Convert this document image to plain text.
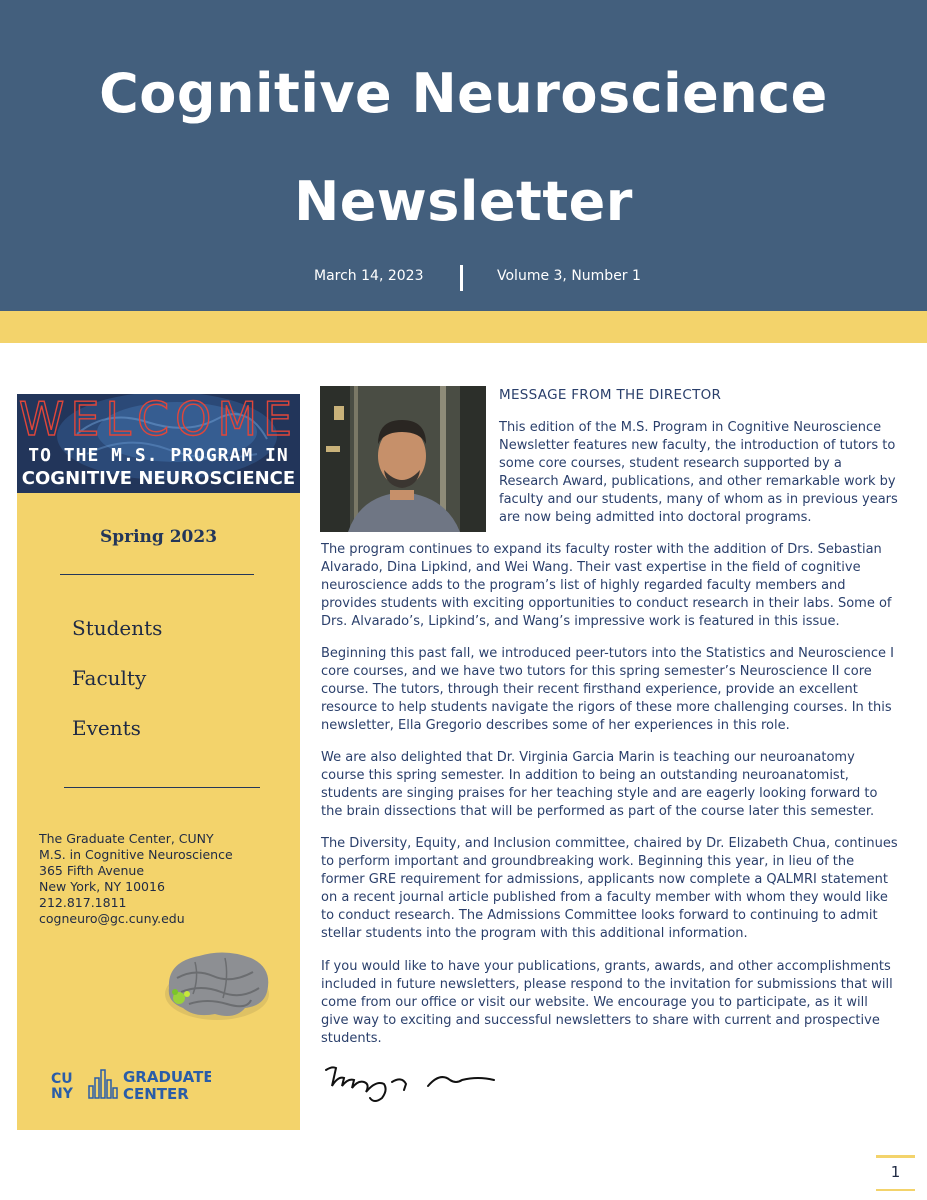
Cognitive Neuroscience
Newsletter
March 14, 2023	Volume 3, Number 1
WELCOME
TO THE M.S. PROGRAM IN
COGNITIVE NEUROSCIENCE
Spring 2023
Students
Faculty
Events
The Graduate Center, CUNY
M.S. in Cognitive Neuroscience
365 Fifth Avenue
New York, NY 10016
212.817.1811
cogneuro@gc.cuny.edu
CU
NY
GRADUATE
CENTER
MESSAGE FROM THE DIRECTOR

This edition of the M.S. Program in Cognitive Neuroscience Newsletter features new faculty, the introduction of tutors to some core courses, student research supported by a Research Award, publications, and other remarkable work by faculty and our students, many of whom as in previous years are now being admitted into doctoral programs.

The program continues to expand its faculty roster with the addition of Drs. Sebastian Alvarado, Dina Lipkind, and Wei Wang. Their vast expertise in the field of cognitive neuroscience adds to the program’s list of highly regarded faculty members and provides students with exciting opportunities to conduct research in their labs. Some of Drs. Alvarado’s, Lipkind’s, and Wang’s impressive work is featured in this issue.

Beginning this past fall, we introduced peer-tutors into the Statistics and Neuroscience I core courses, and we have two tutors for this spring semester’s Neuroscience II core course. The tutors, through their recent firsthand experience, provide an excellent resource to help students navigate the rigors of these more challenging courses. In this newsletter, Ella Gregorio describes some of her experiences in this role.

We are also delighted that Dr. Virginia Garcia Marin is teaching our neuroanatomy course this spring semester. In addition to being an outstanding neuroanatomist, students are singing praises for her teaching style and are eagerly looking forward to the brain dissections that will be performed as part of the course later this semester.

The Diversity, Equity, and Inclusion committee, chaired by Dr. Elizabeth Chua, continues to perform important and groundbreaking work. Beginning this year, in lieu of the former GRE requirement for admissions, applicants now complete a QALMRI statement on a recent journal article published from a faculty member with whom they would like to conduct research. The Admissions Committee looks forward to continuing to admit stellar students into the program with this additional information.

If you would like to have your publications, grants, awards, and other accomplishments included in future newsletters, please respond to the invitation for submissions that will come from our office or visit our website. We encourage you to participate, as it will give way to exciting and successful newsletters to share with current and prospective students.

1
